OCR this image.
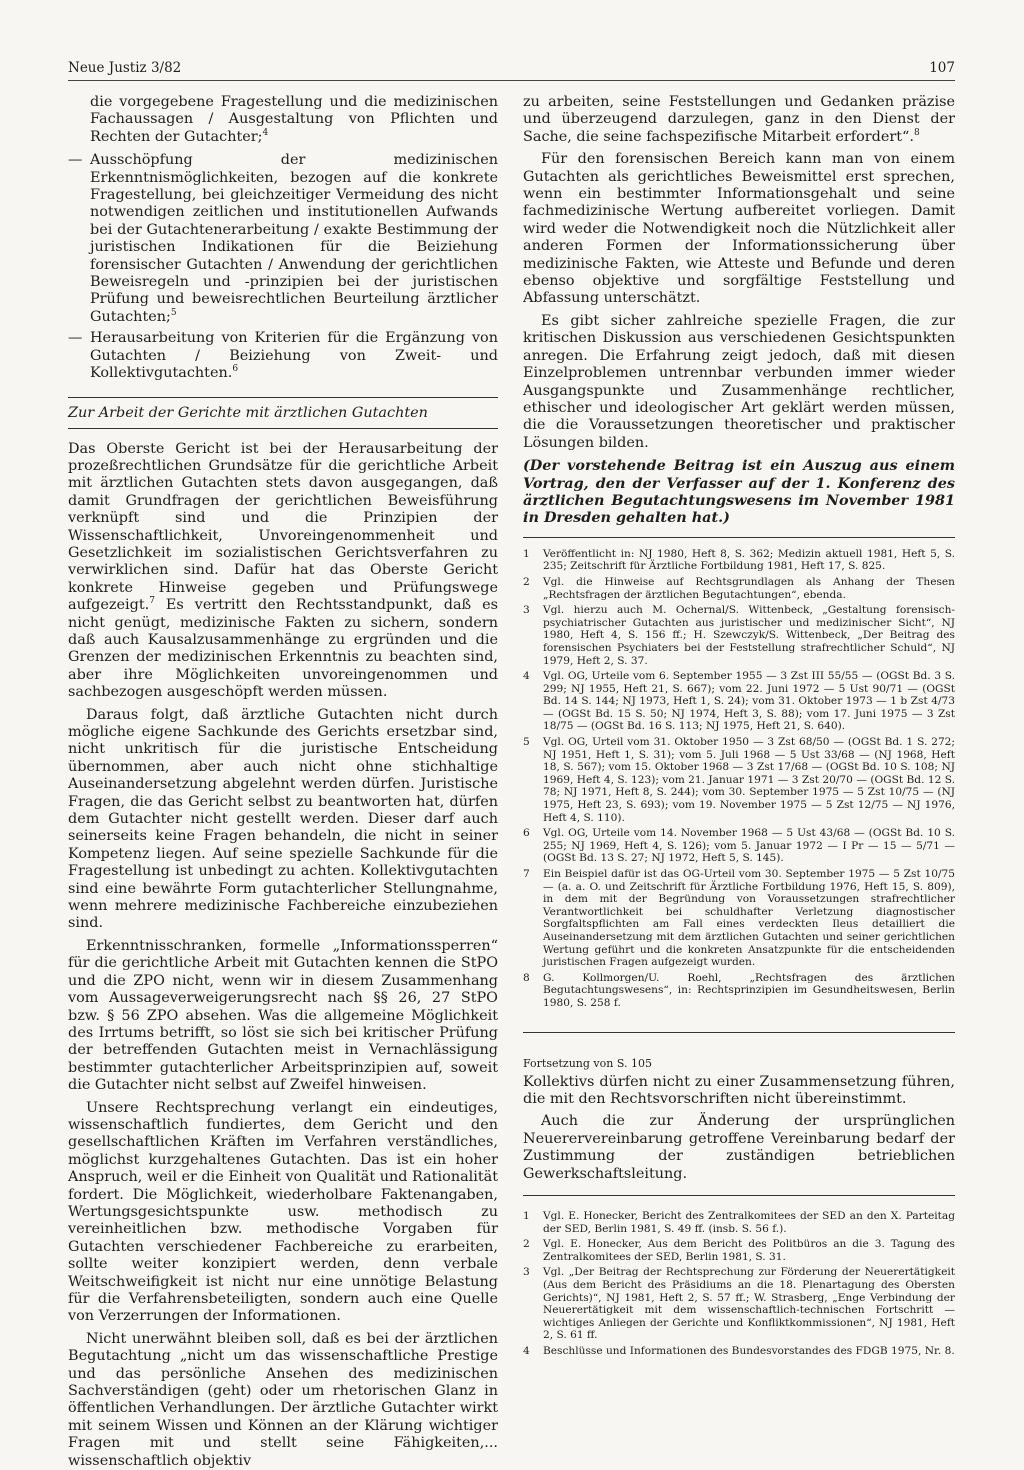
Neue Justiz 3/82	107

die vorgegebene Fragestellung und die medizinischen Fachaussagen / Ausgestaltung von Pflichten und Rechten der Gutachter;$^4$

— Ausschöpfung der medizinischen Erkenntnismöglichkeiten, bezogen auf die konkrete Fragestellung, bei gleichzeitiger Vermeidung des nicht notwendigen zeitlichen und institutionellen Aufwands bei der Gutachtenerarbeitung / exakte Bestimmung der juristischen Indikationen für die Beiziehung forensischer Gutachten / Anwendung der gerichtlichen Beweisregeln und -prinzipien bei der juristischen Prüfung und beweisrechtlichen Beurteilung ärztlicher Gutachten;$^5$
— Herausarbeitung von Kriterien für die Ergänzung von Gutachten / Beiziehung von Zweit- und Kollektivgutachten.$^6$
Zur Arbeit der Gerichte mit ärztlichen Gutachten

Das Oberste Gericht ist bei der Herausarbeitung der prozeßrechtlichen Grundsätze für die gerichtliche Arbeit mit ärztlichen Gutachten stets davon ausgegangen, daß damit Grundfragen der gerichtlichen Beweisführung verknüpft sind und die Prinzipien der Wissenschaftlichkeit, Unvoreingenommenheit und Gesetzlichkeit im sozialistischen Gerichtsverfahren zu verwirklichen sind. Dafür hat das Oberste Gericht konkrete Hinweise gegeben und Prüfungswege aufgezeigt.$^7$ Es vertritt den Rechtsstandpunkt, daß es nicht genügt, medizinische Fakten zu sichern, sondern daß auch Kausalzusammenhänge zu ergründen und die Grenzen der medizinischen Erkenntnis zu beachten sind, aber ihre Möglichkeiten unvoreingenommen und sachbezogen ausgeschöpft werden müssen.

Daraus folgt, daß ärztliche Gutachten nicht durch mögliche eigene Sachkunde des Gerichts ersetzbar sind, nicht unkritisch für die juristische Entscheidung übernommen, aber auch nicht ohne stichhaltige Auseinandersetzung abgelehnt werden dürfen. Juristische Fragen, die das Gericht selbst zu beantworten hat, dürfen dem Gutachter nicht gestellt werden. Dieser darf auch seinerseits keine Fragen behandeln, die nicht in seiner Kompetenz liegen. Auf seine spezielle Sachkunde für die Fragestellung ist unbedingt zu achten. Kollektivgutachten sind eine bewährte Form gutachterlicher Stellungnahme, wenn mehrere medizinische Fachbereiche einzubeziehen sind.

Erkenntnisschranken, formelle „Informationssperren“ für die gerichtliche Arbeit mit Gutachten kennen die StPO und die ZPO nicht, wenn wir in diesem Zusammenhang vom Aussageverweigerungsrecht nach §§ 26, 27 StPO bzw. § 56 ZPO absehen. Was die allgemeine Möglichkeit des Irrtums betrifft, so löst sie sich bei kritischer Prüfung der betreffenden Gutachten meist in Vernachlässigung bestimmter gutachterlicher Arbeitsprinzipien auf, soweit die Gutachter nicht selbst auf Zweifel hinweisen.

Unsere Rechtsprechung verlangt ein eindeutiges, wissenschaftlich fundiertes, dem Gericht und den gesellschaftlichen Kräften im Verfahren verständliches, möglichst kurzgehaltenes Gutachten. Das ist ein hoher Anspruch, weil er die Einheit von Qualität und Rationalität fordert. Die Möglichkeit, wiederholbare Faktenangaben, Wertungsgesichtspunkte usw. methodisch zu vereinheitlichen bzw. methodische Vorgaben für Gutachten verschiedener Fachbereiche zu erarbeiten, sollte weiter konzipiert werden, denn verbale Weitschweifigkeit ist nicht nur eine unnötige Belastung für die Verfahrensbeteiligten, sondern auch eine Quelle von Verzerrungen der Informationen.

Nicht unerwähnt bleiben soll, daß es bei der ärztlichen Begutachtung „nicht um das wissenschaftliche Prestige und das persönliche Ansehen des medizinischen Sachverständigen (geht) oder um rhetorischen Glanz in öffentlichen Verhandlungen. Der ärztliche Gutachter wirkt mit seinem Wissen und Können an der Klärung wichtiger Fragen mit und stellt seine Fähigkeiten,... wissenschaftlich objektiv

zu arbeiten, seine Feststellungen und Gedanken präzise und überzeugend darzulegen, ganz in den Dienst der Sache, die seine fachspezifische Mitarbeit erfordert“.$^8$

Für den forensischen Bereich kann man von einem Gutachten als gerichtliches Beweismittel erst sprechen, wenn ein bestimmter Informationsgehalt und seine fachmedizinische Wertung aufbereitet vorliegen. Damit wird weder die Notwendigkeit noch die Nützlichkeit aller anderen Formen der Informationssicherung über medizinische Fakten, wie Atteste und Befunde und deren ebenso objektive und sorgfältige Feststellung und Abfassung unterschätzt.

Es gibt sicher zahlreiche spezielle Fragen, die zur kritischen Diskussion aus verschiedenen Gesichtspunkten anregen. Die Erfahrung zeigt jedoch, daß mit diesen Einzelproblemen untrennbar verbunden immer wieder Ausgangspunkte und Zusammenhänge rechtlicher, ethischer und ideologischer Art geklärt werden müssen, die die Voraussetzungen theoretischer und praktischer Lösungen bilden.

(Der vorstehende Beitrag ist ein Auszug aus einem Vortrag, den der Verfasser auf der 1. Konferenz des ärztlichen Begutachtungswesens im November 1981 in Dresden gehalten hat.)

1	Veröffentlicht in: NJ 1980, Heft 8, S. 362; Medizin aktuell 1981, Heft 5, S. 235; Zeitschrift für Ärztliche Fortbildung 1981, Heft 17, S. 825.
2	Vgl. die Hinweise auf Rechtsgrundlagen als Anhang der Thesen „Rechtsfragen der ärztlichen Begutachtungen“, ebenda.
3	Vgl. hierzu auch M. Ochernal/S. Wittenbeck, „Gestaltung forensisch-psychiatrischer Gutachten aus juristischer und medizinischer Sicht“, NJ 1980, Heft 4, S. 156 ff.; H. Szewczyk/S. Wittenbeck, „Der Beitrag des forensischen Psychiaters bei der Feststellung strafrechtlicher Schuld“, NJ 1979, Heft 2, S. 37.
4	Vgl. OG, Urteile vom 6. September 1955 — 3 Zst III 55/55 — (OGSt Bd. 3 S. 299; NJ 1955, Heft 21, S. 667); vom 22. Juni 1972 — 5 Ust 90/71 — (OGSt Bd. 14 S. 144; NJ 1973, Heft 1, S. 24); vom 31. Oktober 1973 — 1 b Zst 4/73 — (OGSt Bd. 15 S. 50; NJ 1974, Heft 3, S. 88); vom 17. Juni 1975 — 3 Zst 18/75 — (OGSt Bd. 16 S. 113; NJ 1975, Heft 21, S. 640).
5	Vgl. OG, Urteil vom 31. Oktober 1950 — 3 Zst 68/50 — (OGSt Bd. 1 S. 272; NJ 1951, Heft 1, S. 31); vom 5. Juli 1968 — 5 Ust 33/68 — (NJ 1968, Heft 18, S. 567); vom 15. Oktober 1968 — 3 Zst 17/68 — (OGSt Bd. 10 S. 108; NJ 1969, Heft 4, S. 123); vom 21. Januar 1971 — 3 Zst 20/70 — (OGSt Bd. 12 S. 78; NJ 1971, Heft 8, S. 244); vom 30. September 1975 — 5 Zst 10/75 — (NJ 1975, Heft 23, S. 693); vom 19. November 1975 — 5 Zst 12/75 — NJ 1976, Heft 4, S. 110).
6	Vgl. OG, Urteile vom 14. November 1968 — 5 Ust 43/68 — (OGSt Bd. 10 S. 255; NJ 1969, Heft 4, S. 126); vom 5. Januar 1972 — I Pr — 15 — 5/71 — (OGSt Bd. 13 S. 27; NJ 1972, Heft 5, S. 145).
7	Ein Beispiel dafür ist das OG-Urteil vom 30. September 1975 — 5 Zst 10/75 — (a. a. O. und Zeitschrift für Ärztliche Fortbildung 1976, Heft 15, S. 809), in dem mit der Begründung von Voraussetzungen strafrechtlicher Verantwortlichkeit bei schuldhafter Verletzung diagnostischer Sorgfaltspflichten am Fall eines verdeckten Ileus detailliert die Auseinandersetzung mit dem ärztlichen Gutachten und seiner gerichtlichen Wertung geführt und die konkreten Ansatzpunkte für die entscheidenden juristischen Fragen aufgezeigt wurden.
8	G. Kollmorgen/U. Roehl, „Rechtsfragen des ärztlichen Begutachtungswesens“, in: Rechtsprinzipien im Gesundheitswesen, Berlin 1980, S. 258 f.
Fortsetzung von S. 105

Kollektivs dürfen nicht zu einer Zusammensetzung führen, die mit den Rechtsvorschriften nicht übereinstimmt.

Auch die zur Änderung der ursprünglichen Neuerervereinbarung getroffene Vereinbarung bedarf der Zustimmung der zuständigen betrieblichen Gewerkschaftsleitung.

1	Vgl. E. Honecker, Bericht des Zentralkomitees der SED an den X. Parteitag der SED, Berlin 1981, S. 49 ff. (insb. S. 56 f.).
2	Vgl. E. Honecker, Aus dem Bericht des Politbüros an die 3. Tagung des Zentralkomitees der SED, Berlin 1981, S. 31.
3	Vgl. „Der Beitrag der Rechtsprechung zur Förderung der Neuerertätigkeit (Aus dem Bericht des Präsidiums an die 18. Plenartagung des Obersten Gerichts)“, NJ 1981, Heft 2, S. 57 ff.; W. Strasberg, „Enge Verbindung der Neuerertätigkeit mit dem wissenschaftlich-technischen Fortschritt — wichtiges Anliegen der Gerichte und Konfliktkommissionen“, NJ 1981, Heft 2, S. 61 ff.
4	Beschlüsse und Informationen des Bundesvorstandes des FDGB 1975, Nr. 8.
